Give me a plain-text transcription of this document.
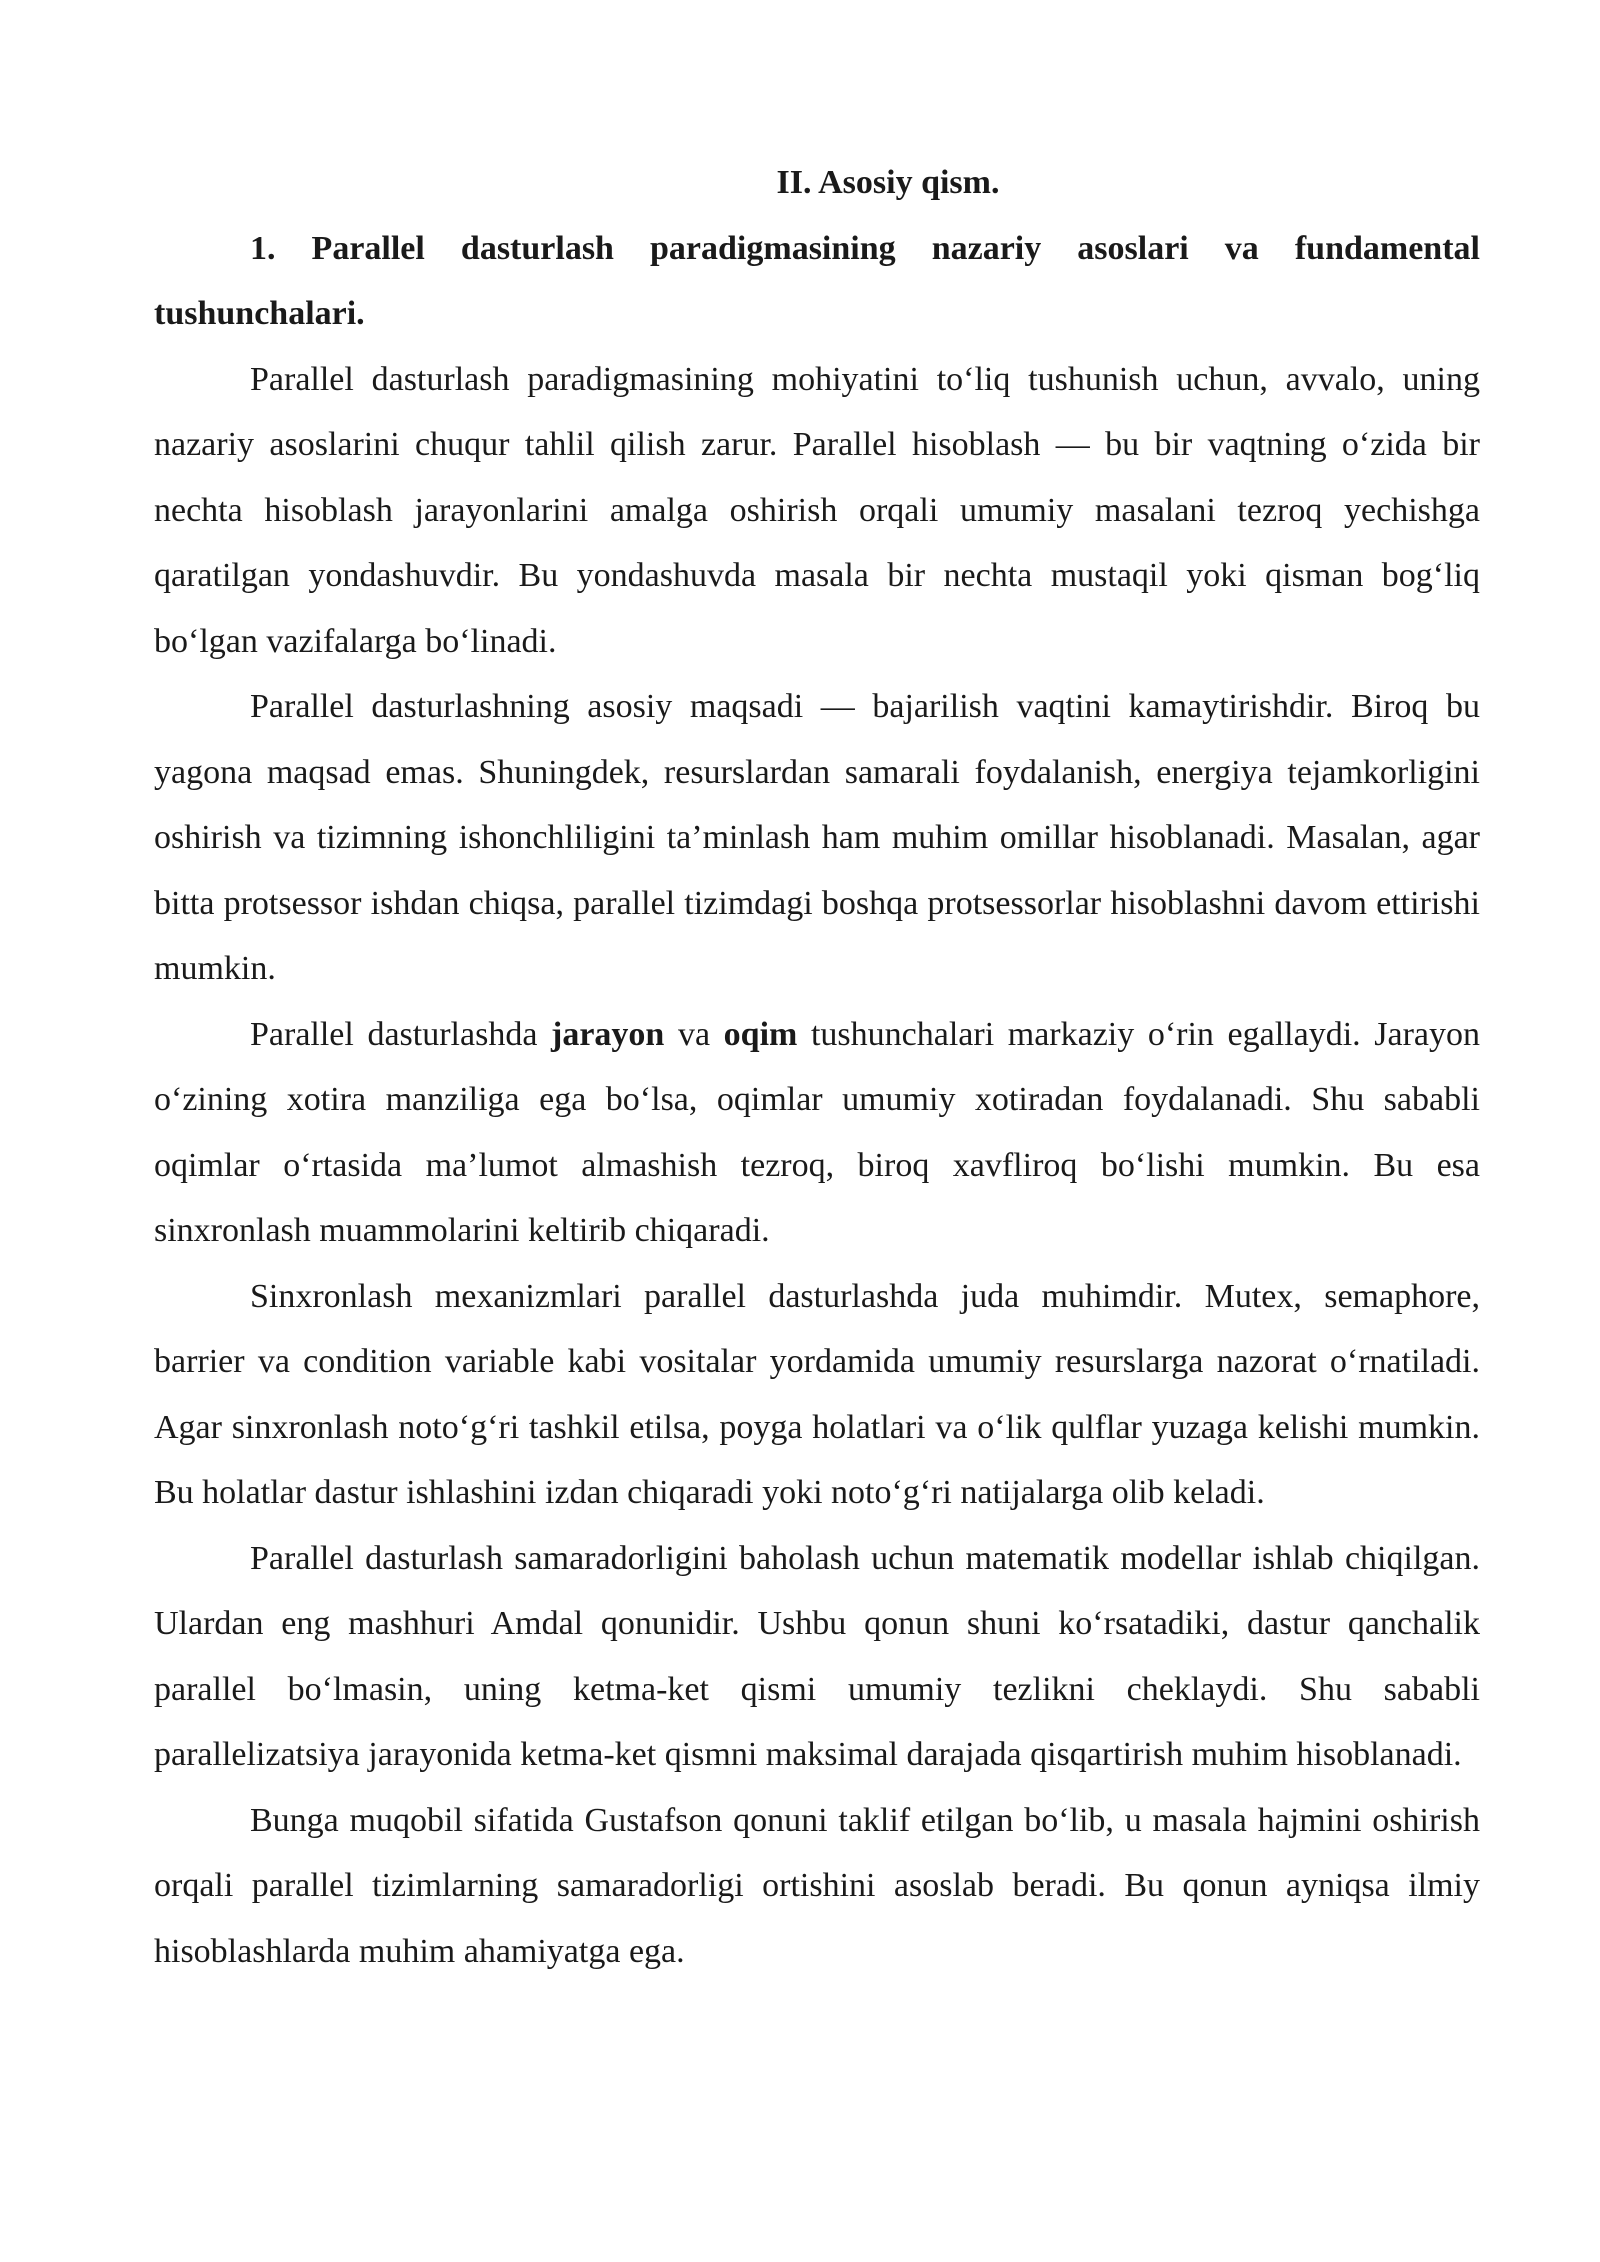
II. Asosiy qism.

1. Parallel dasturlash paradigmasining nazariy asoslari va fundamental tushunchalari.

Parallel dasturlash paradigmasining mohiyatini to‘liq tushunish uchun, avvalo, uning nazariy asoslarini chuqur tahlil qilish zarur. Parallel hisoblash — bu bir vaqtning o‘zida bir nechta hisoblash jarayonlarini amalga oshirish orqali umumiy masalani tezroq yechishga qaratilgan yondashuvdir. Bu yondashuvda masala bir nechta mustaqil yoki qisman bog‘liq bo‘lgan vazifalarga bo‘linadi.

Parallel dasturlashning asosiy maqsadi — bajarilish vaqtini kamaytirishdir. Biroq bu yagona maqsad emas. Shuningdek, resurslardan samarali foydalanish, energiya tejamkorligini oshirish va tizimning ishonchliligini ta’minlash ham muhim omillar hisoblanadi. Masalan, agar bitta protsessor ishdan chiqsa, parallel tizimdagi boshqa protsessorlar hisoblashni davom ettirishi mumkin.

Parallel dasturlashda jarayon va oqim tushunchalari markaziy o‘rin egallaydi. Jarayon o‘zining xotira manziliga ega bo‘lsa, oqimlar umumiy xotiradan foydalanadi. Shu sababli oqimlar o‘rtasida ma’lumot almashish tezroq, biroq xavfliroq bo‘lishi mumkin. Bu esa sinxronlash muammolarini keltirib chiqaradi.

Sinxronlash mexanizmlari parallel dasturlashda juda muhimdir. Mutex, semaphore, barrier va condition variable kabi vositalar yordamida umumiy resurslarga nazorat o‘rnatiladi. Agar sinxronlash noto‘g‘ri tashkil etilsa, poyga holatlari va o‘lik qulflar yuzaga kelishi mumkin. Bu holatlar dastur ishlashini izdan chiqaradi yoki noto‘g‘ri natijalarga olib keladi.

Parallel dasturlash samaradorligini baholash uchun matematik modellar ishlab chiqilgan. Ulardan eng mashhuri Amdal qonunidir. Ushbu qonun shuni ko‘rsatadiki, dastur qanchalik parallel bo‘lmasin, uning ketma-ket qismi umumiy tezlikni cheklaydi. Shu sababli parallelizatsiya jarayonida ketma-ket qismni maksimal darajada qisqartirish muhim hisoblanadi.

Bunga muqobil sifatida Gustafson qonuni taklif etilgan bo‘lib, u masala hajmini oshirish orqali parallel tizimlarning samaradorligi ortishini asoslab beradi. Bu qonun ayniqsa ilmiy hisoblashlarda muhim ahamiyatga ega.
